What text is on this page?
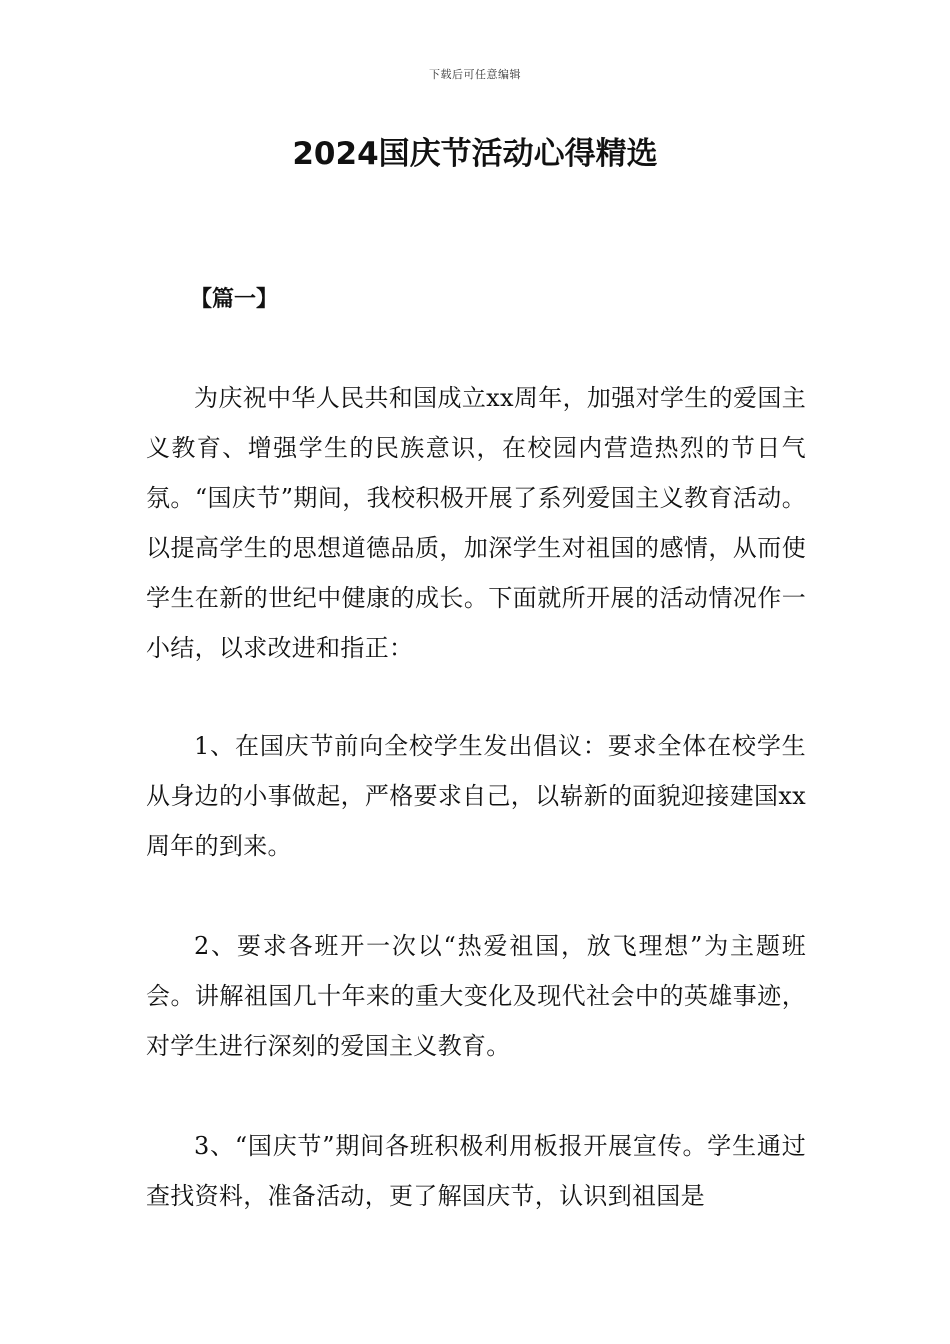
下载后可任意编辑
2024国庆节活动心得精选
【篇一】

为庆祝中华人民共和国成立xx周年，加强对学生的爱国主义教育、增强学生的民族意识，在校园内营造热烈的节日气氛。“国庆节”期间，我校积极开展了系列爱国主义教育活动。以提高学生的思想道德品质，加深学生对祖国的感情，从而使学生在新的世纪中健康的成长。下面就所开展的活动情况作一小结，以求改进和指正：

1、在国庆节前向全校学生发出倡议：要求全体在校学生从身边的小事做起，严格要求自己，以崭新的面貌迎接建国xx周年的到来。

2、要求各班开一次以“热爱祖国，放飞理想”为主题班会。讲解祖国几十年来的重大变化及现代社会中的英雄事迹，对学生进行深刻的爱国主义教育。

3、“国庆节”期间各班积极利用板报开展宣传。学生通过查找资料，准备活动，更了解国庆节，认识到祖国是
